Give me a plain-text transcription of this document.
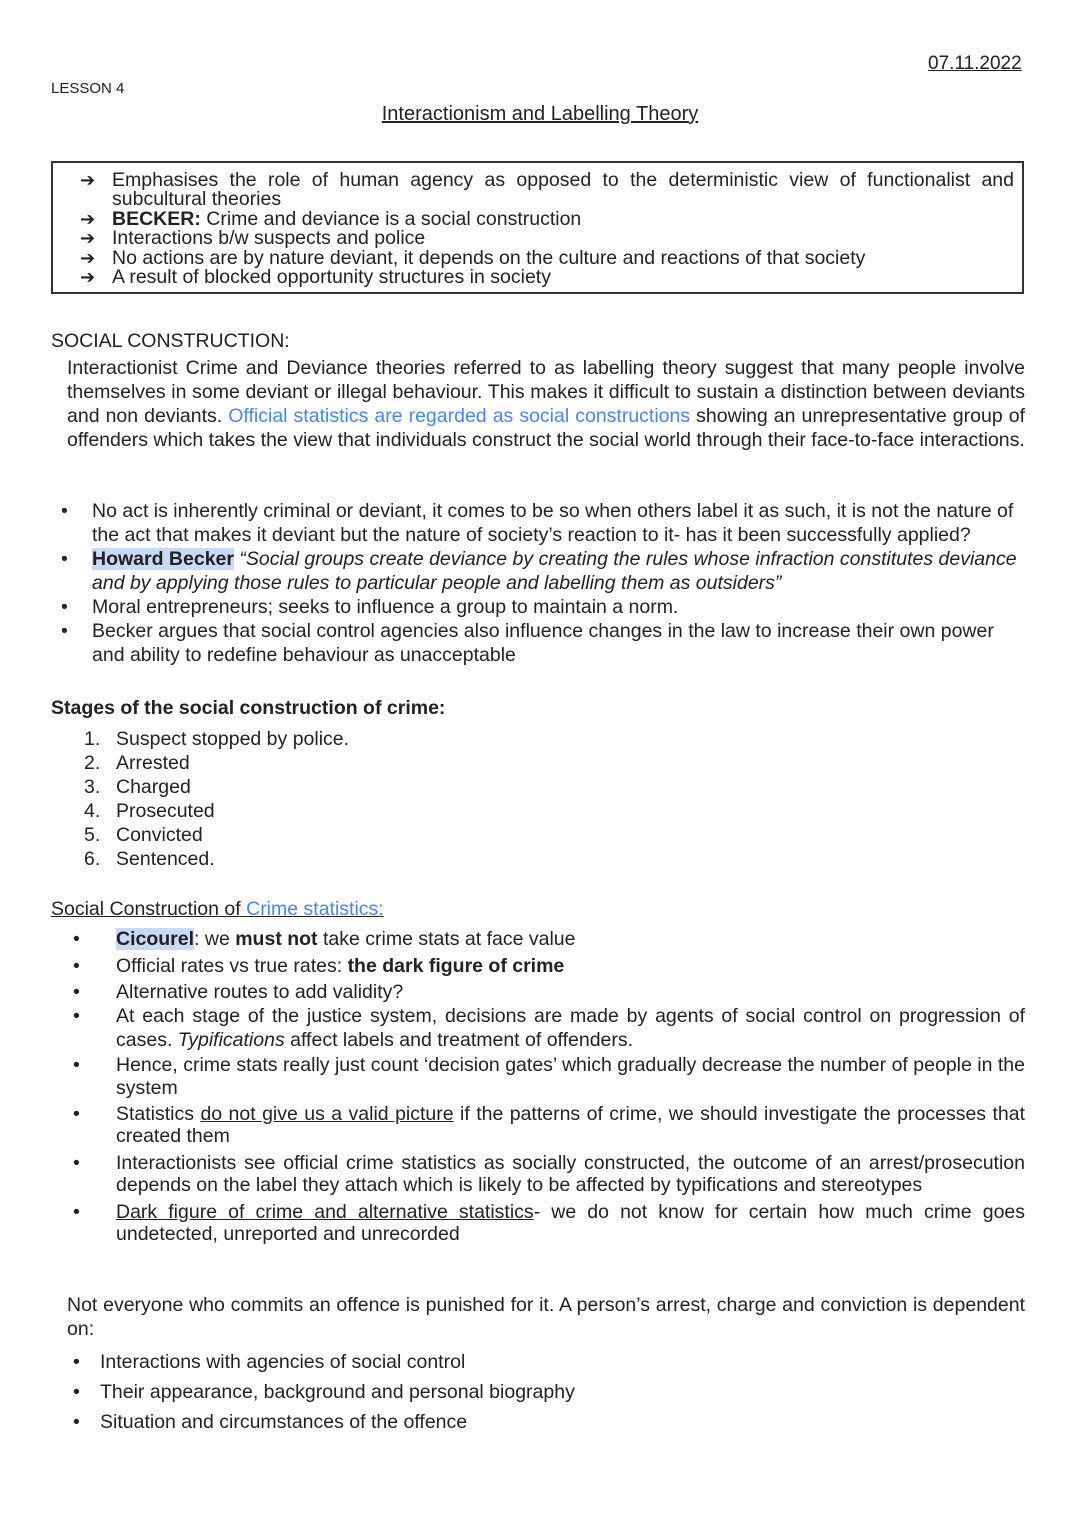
07.11.2022
LESSON 4
Interactionism and Labelling Theory
➔ Emphasises the role of human agency as opposed to the deterministic view of functionalist and subcultural theories
➔ BECKER: Crime and deviance is a social construction
➔ Interactions b/w suspects and police
➔ No actions are by nature deviant, it depends on the culture and reactions of that society
➔ A result of blocked opportunity structures in society
SOCIAL CONSTRUCTION:
Interactionist Crime and Deviance theories referred to as labelling theory suggest that many people involve themselves in some deviant or illegal behaviour. This makes it difficult to sustain a distinction between deviants and non deviants. Official statistics are regarded as social constructions showing an unrepresentative group of offenders which takes the view that individuals construct the social world through their face-to-face interactions.
• No act is inherently criminal or deviant, it comes to be so when others label it as such, it is not the nature of the act that makes it deviant but the nature of society’s reaction to it- has it been successfully applied?
• Howard Becker “Social groups create deviance by creating the rules whose infraction constitutes deviance and by applying those rules to particular people and labelling them as outsiders”
• Moral entrepreneurs; seeks to influence a group to maintain a norm.
• Becker argues that social control agencies also influence changes in the law to increase their own power and ability to redefine behaviour as unacceptable
Stages of the social construction of crime:
1. Suspect stopped by police.
2. Arrested
3. Charged
4. Prosecuted
5. Convicted
6. Sentenced.
Social Construction of Crime statistics:
• Cicourel: we must not take crime stats at face value
• Official rates vs true rates: the dark figure of crime
• Alternative routes to add validity?
• At each stage of the justice system, decisions are made by agents of social control on progression of cases. Typifications affect labels and treatment of offenders.
• Hence, crime stats really just count ‘decision gates’ which gradually decrease the number of people in the system
• Statistics do not give us a valid picture if the patterns of crime, we should investigate the processes that created them
• Interactionists see official crime statistics as socially constructed, the outcome of an arrest/prosecution depends on the label they attach which is likely to be affected by typifications and stereotypes
• Dark figure of crime and alternative statistics- we do not know for certain how much crime goes undetected, unreported and unrecorded
Not everyone who commits an offence is punished for it. A person’s arrest, charge and conviction is dependent on:
• Interactions with agencies of social control
• Their appearance, background and personal biography
• Situation and circumstances of the offence
